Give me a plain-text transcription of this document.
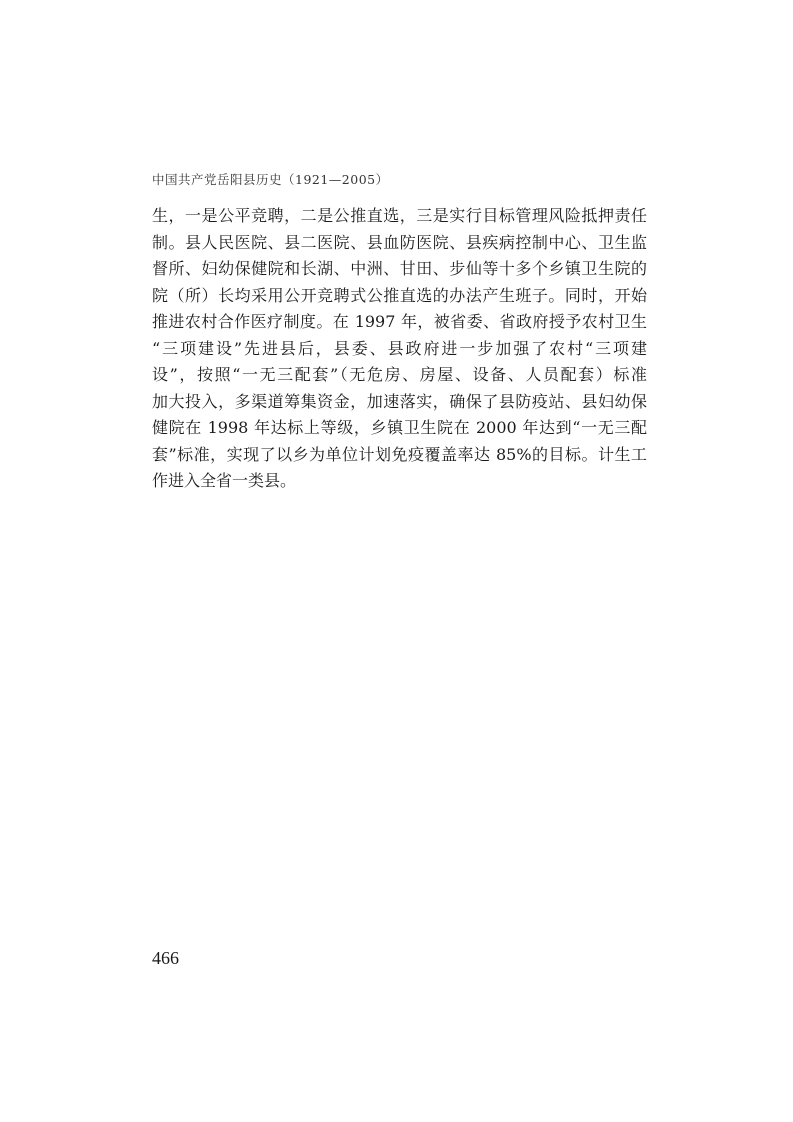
中国共产党岳阳县历史（1921—2005）
生，一是公平竞聘，二是公推直选，三是实行目标管理风险抵押责任
制。县人民医院、县二医院、县血防医院、县疾病控制中心、卫生监
督所、妇幼保健院和长湖、中洲、甘田、步仙等十多个乡镇卫生院的
院（所）长均采用公开竞聘式公推直选的办法产生班子。同时，开始
推进农村合作医疗制度。在 1997 年，被省委、省政府授予农村卫生
“三项建设”先进县后，县委、县政府进一步加强了农村“三项建
设”，按照“一无三配套”（无危房、房屋、设备、人员配套）标准
加大投入，多渠道筹集资金，加速落实，确保了县防疫站、县妇幼保
健院在 1998 年达标上等级，乡镇卫生院在 2000 年达到“一无三配
套”标准，实现了以乡为单位计划免疫覆盖率达 85%的目标。计生工
作进入全省一类县。
466
